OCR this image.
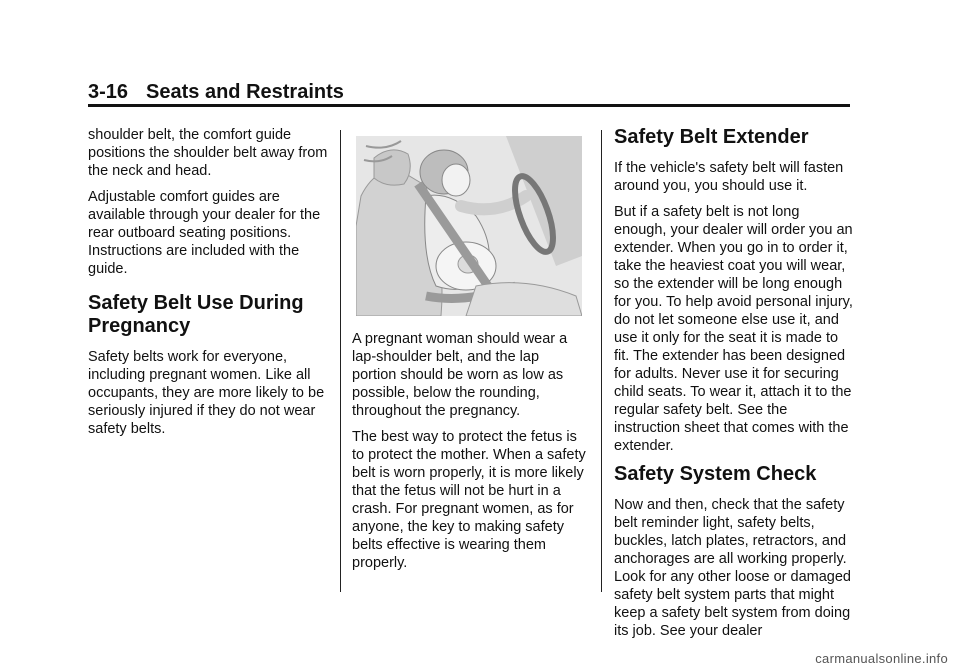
3-16 Seats and Restraints

shoulder belt, the comfort guide positions the shoulder belt away from the neck and head.

Adjustable comfort guides are available through your dealer for the rear outboard seating positions. Instructions are included with the guide.

Safety Belt Use During Pregnancy

Safety belts work for everyone, including pregnant women. Like all occupants, they are more likely to be seriously injured if they do not wear safety belts.

A pregnant woman should wear a lap-shoulder belt, and the lap portion should be worn as low as possible, below the rounding, throughout the pregnancy.

The best way to protect the fetus is to protect the mother. When a safety belt is worn properly, it is more likely that the fetus will not be hurt in a crash. For pregnant women, as for anyone, the key to making safety belts effective is wearing them properly.

Safety Belt Extender

If the vehicle's safety belt will fasten around you, you should use it.

But if a safety belt is not long enough, your dealer will order you an extender. When you go in to order it, take the heaviest coat you will wear, so the extender will be long enough for you. To help avoid personal injury, do not let someone else use it, and use it only for the seat it is made to fit. The extender has been designed for adults. Never use it for securing child seats. To wear it, attach it to the regular safety belt. See the instruction sheet that comes with the extender.

Safety System Check

Now and then, check that the safety belt reminder light, safety belts, buckles, latch plates, retractors, and anchorages are all working properly. Look for any other loose or damaged safety belt system parts that might keep a safety belt system from doing its job. See your dealer

carmanualsonline.info
